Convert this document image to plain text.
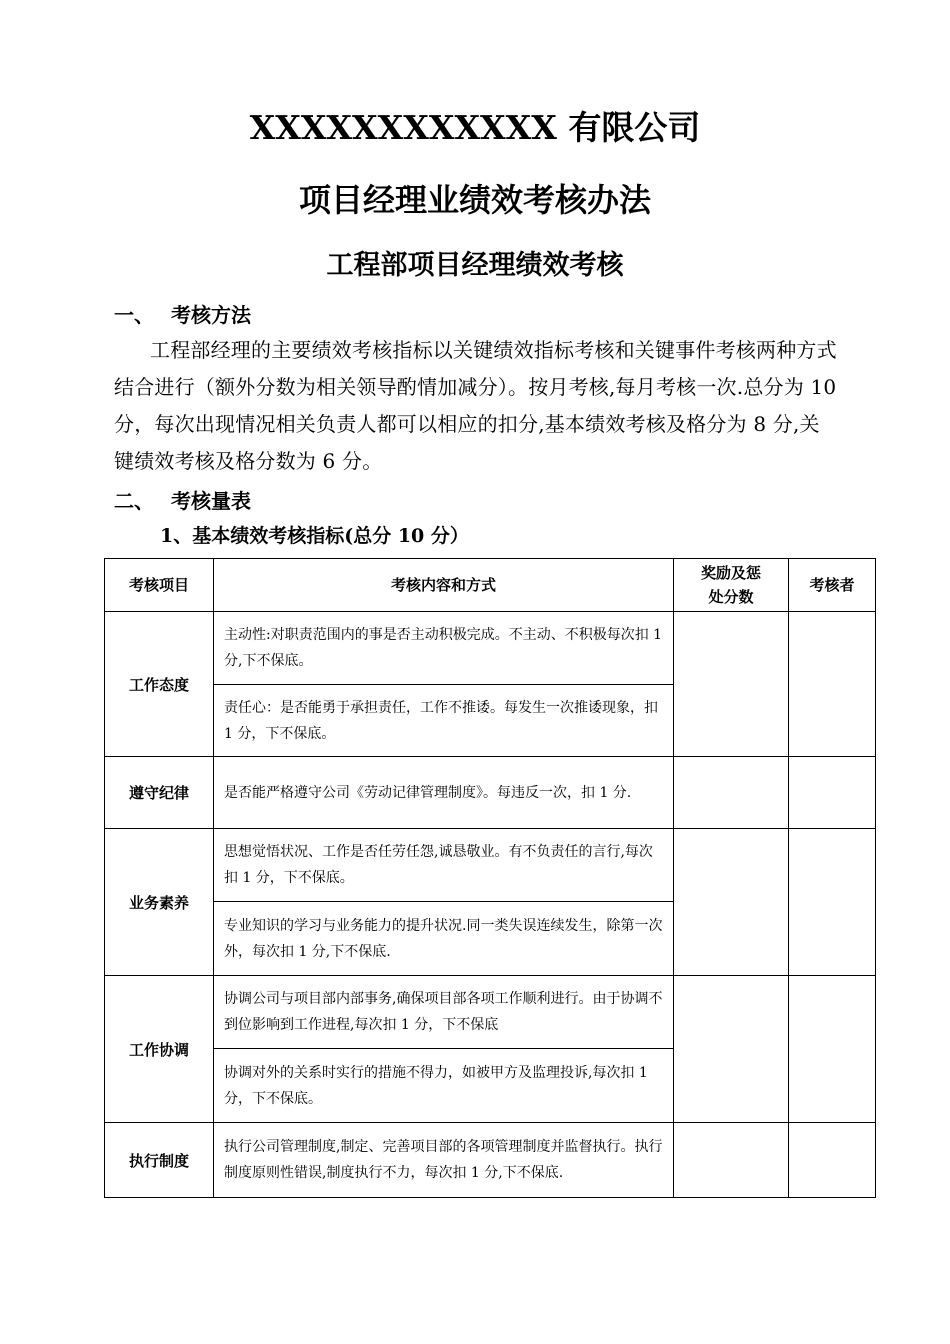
XXXXXXXXXXXX 有限公司
项目经理业绩效考核办法
工程部项目经理绩效考核
一、 考核方法
工程部经理的主要绩效考核指标以关键绩效指标考核和关键事件考核两种方式结合进行（额外分数为相关领导酌情加减分）。按月考核,每月考核一次.总分为 10 分，每次出现情况相关负责人都可以相应的扣分,基本绩效考核及格分为 8 分,关键绩效考核及格分数为 6 分。
二、 考核量表
1、基本绩效考核指标(总分 10 分）
考核项目	考核内容和方式	奖励及惩处分数	考核者
工作态度	主动性:对职责范围内的事是否主动积极完成。不主动、不积极每次扣 1 分,下不保底。		
	责任心：是否能勇于承担责任，工作不推诿。每发生一次推诿现象，扣 1 分，下不保底。		
遵守纪律	是否能严格遵守公司《劳动记律管理制度》。每违反一次，扣 1 分.		
业务素养	思想觉悟状况、工作是否任劳任怨,诚恳敬业。有不负责任的言行,每次扣 1 分，下不保底。		
	专业知识的学习与业务能力的提升状况.同一类失误连续发生，除第一次外，每次扣 1 分,下不保底.		
工作协调	协调公司与项目部内部事务,确保项目部各项工作顺利进行。由于协调不到位影响到工作进程,每次扣 1 分，下不保底		
	协调对外的关系时实行的措施不得力，如被甲方及监理投诉,每次扣 1 分，下不保底。		
执行制度	执行公司管理制度,制定、完善项目部的各项管理制度并监督执行。执行制度原则性错误,制度执行不力，每次扣 1 分,下不保底.		
